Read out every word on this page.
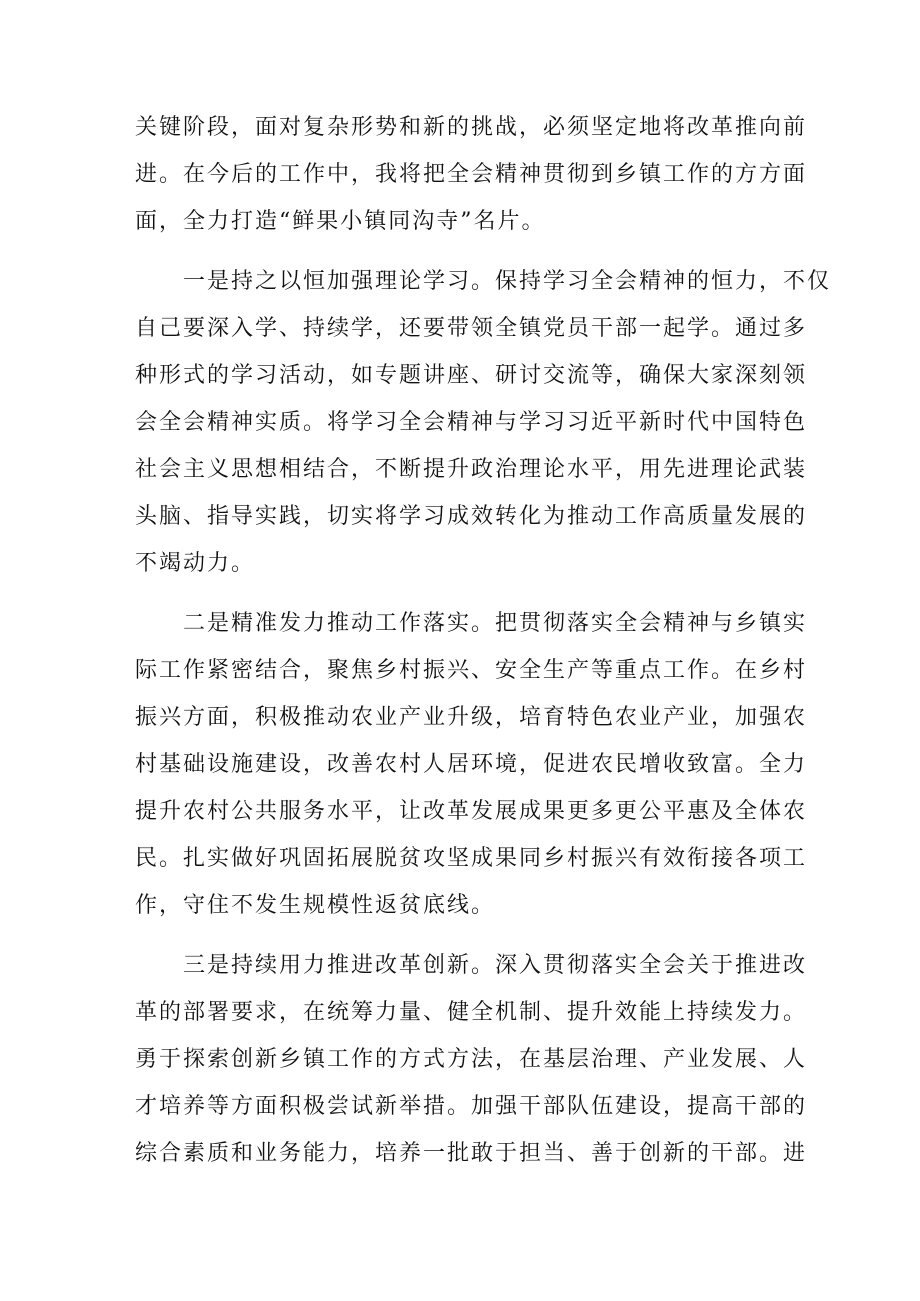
关键阶段，面对复杂形势和新的挑战，必须坚定地将改革推向前
进。在今后的工作中，我将把全会精神贯彻到乡镇工作的方方面
面，全力打造“鲜果小镇同沟寺”名片。

一是持之以恒加强理论学习。保持学习全会精神的恒力，不仅
自己要深入学、持续学，还要带领全镇党员干部一起学。通过多
种形式的学习活动，如专题讲座、研讨交流等，确保大家深刻领
会全会精神实质。将学习全会精神与学习习近平新时代中国特色
社会主义思想相结合，不断提升政治理论水平，用先进理论武装
头脑、指导实践，切实将学习成效转化为推动工作高质量发展的
不竭动力。

二是精准发力推动工作落实。把贯彻落实全会精神与乡镇实
际工作紧密结合，聚焦乡村振兴、安全生产等重点工作。在乡村
振兴方面，积极推动农业产业升级，培育特色农业产业，加强农
村基础设施建设，改善农村人居环境，促进农民增收致富。全力
提升农村公共服务水平，让改革发展成果更多更公平惠及全体农
民。扎实做好巩固拓展脱贫攻坚成果同乡村振兴有效衔接各项工
作，守住不发生规模性返贫底线。

三是持续用力推进改革创新。深入贯彻落实全会关于推进改
革的部署要求，在统筹力量、健全机制、提升效能上持续发力。
勇于探索创新乡镇工作的方式方法，在基层治理、产业发展、人
才培养等方面积极尝试新举措。加强干部队伍建设，提高干部的
综合素质和业务能力，培养一批敢于担当、善于创新的干部。进
